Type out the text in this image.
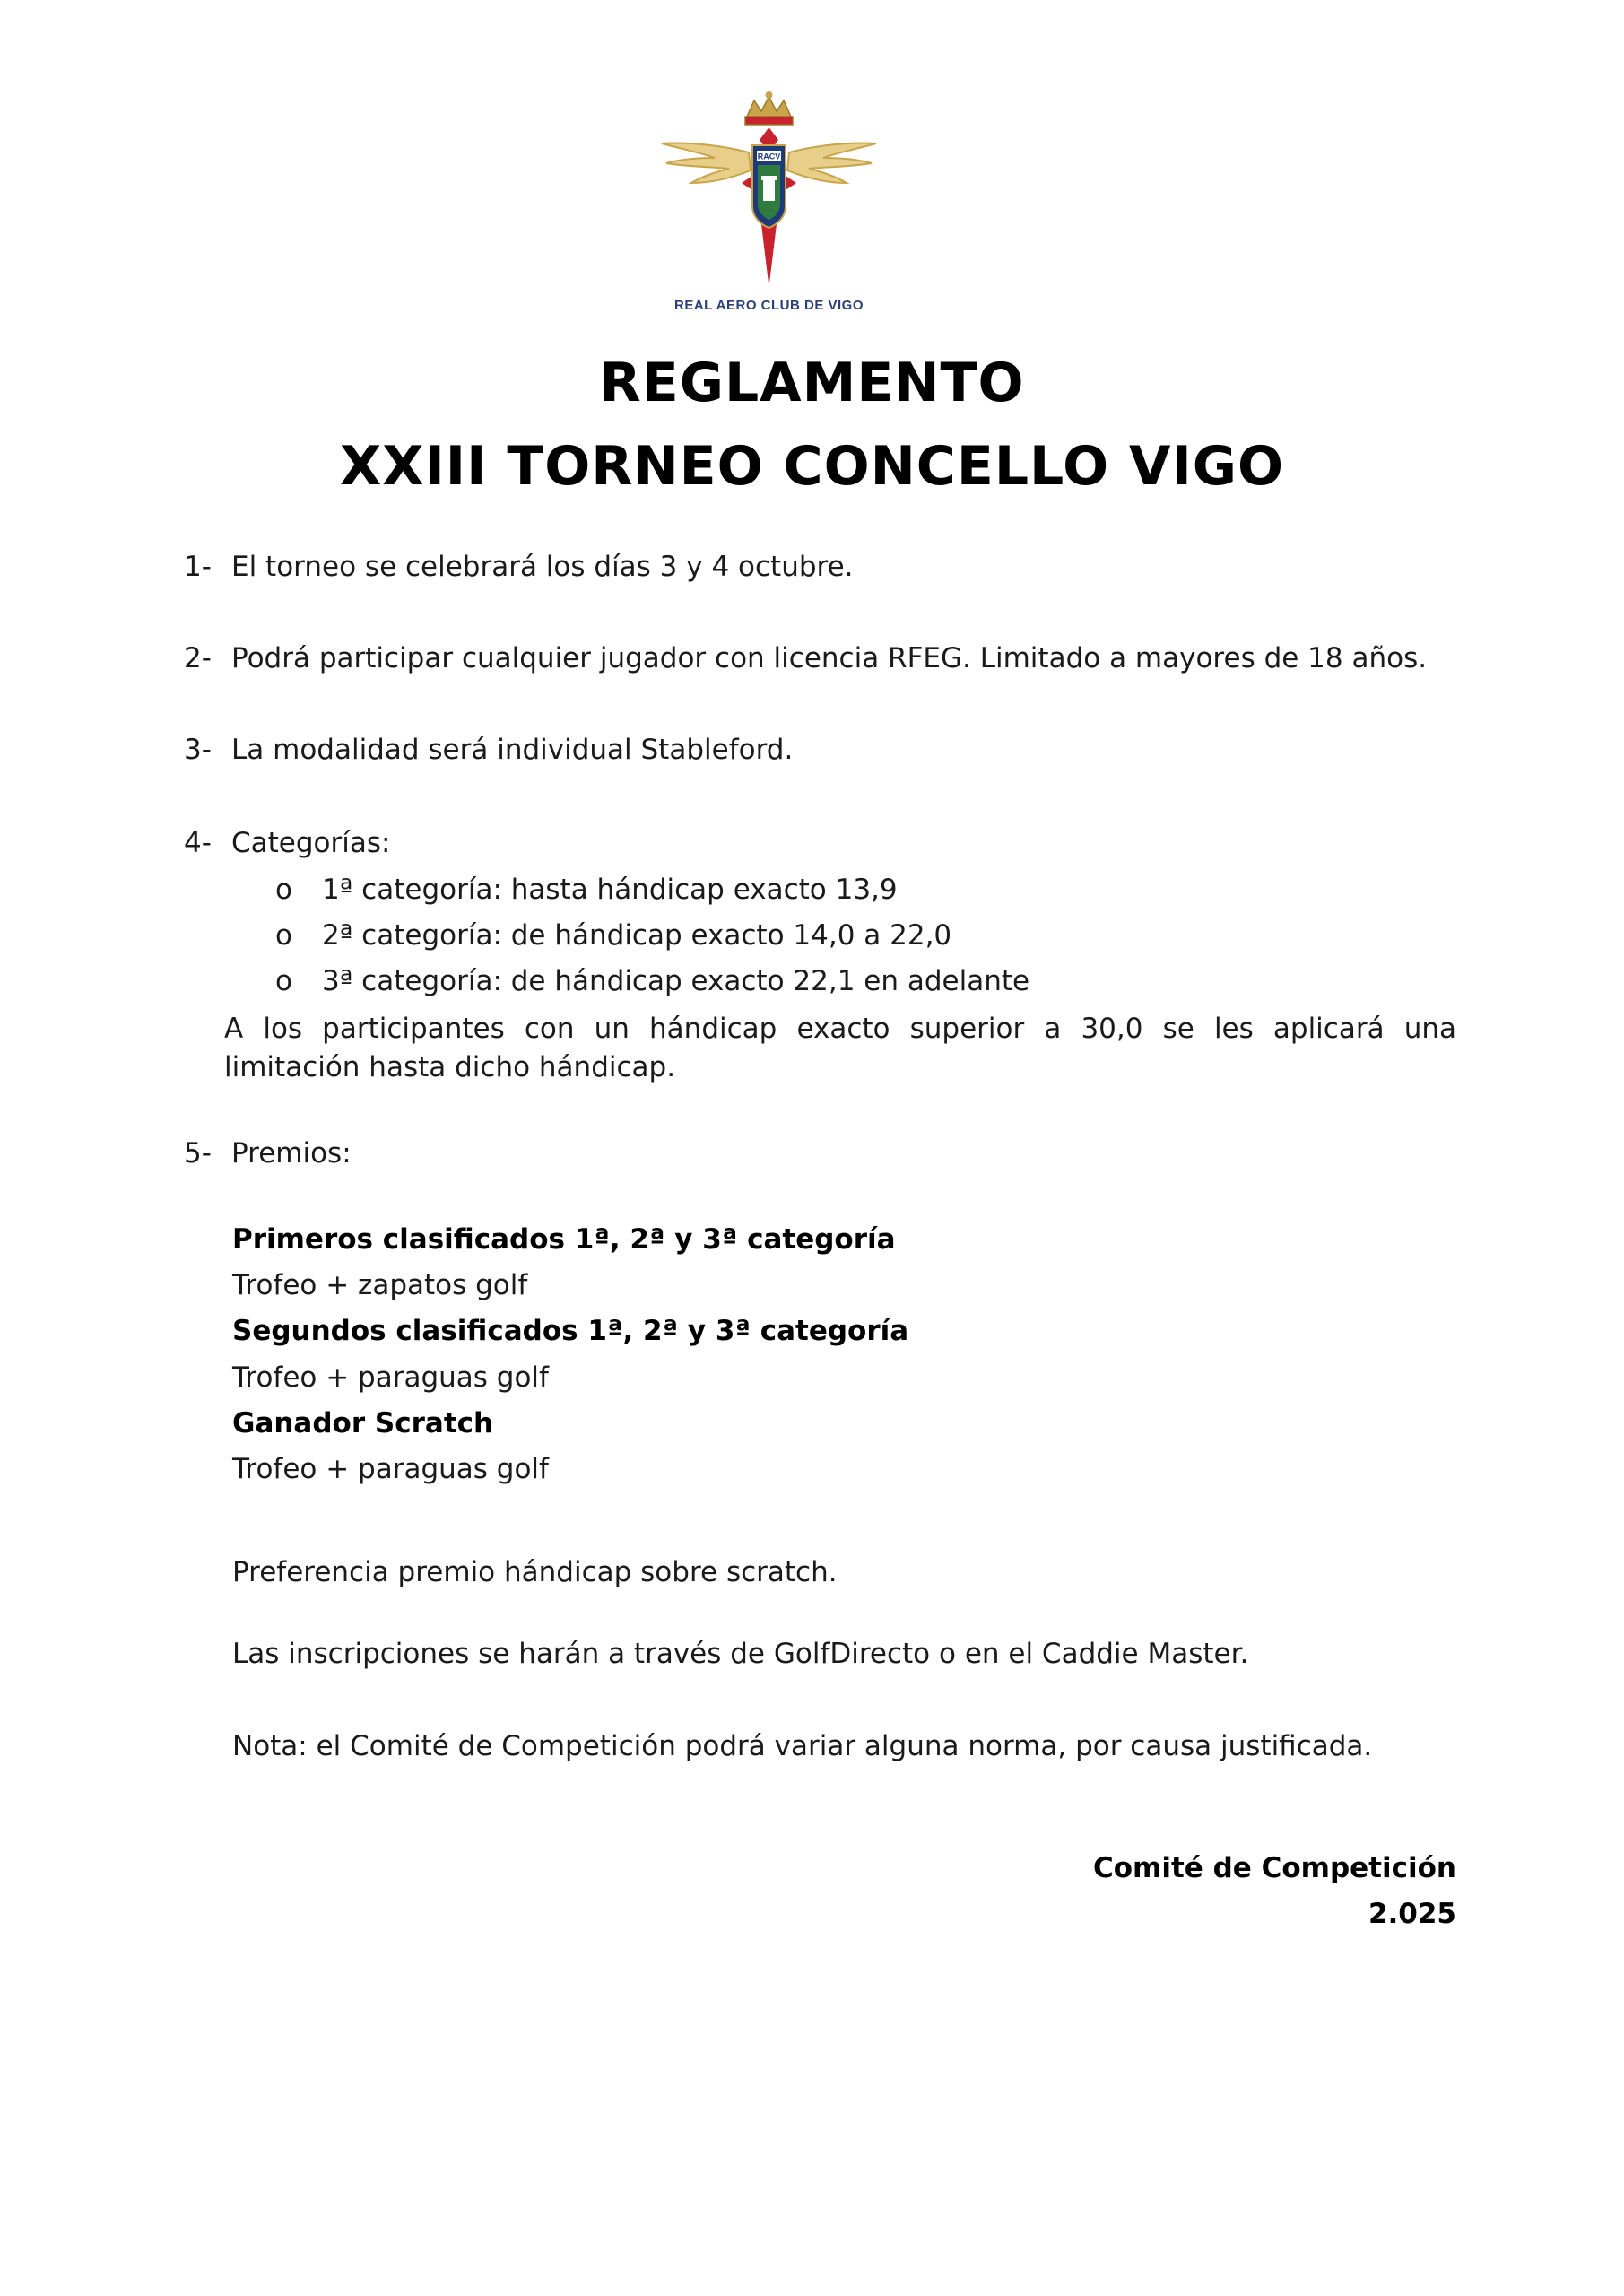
RACV
REAL AERO CLUB DE VIGO
REGLAMENTO
XXIII TORNEO CONCELLO VIGO
1- El torneo se celebrará los días 3 y 4 octubre.
2- Podrá participar cualquier jugador con licencia RFEG. Limitado a mayores de 18 años.
3- La modalidad será individual Stableford.
4- Categorías:
o 1ª categoría: hasta hándicap exacto 13,9
o 2ª categoría: de hándicap exacto 14,0 a 22,0
o 3ª categoría: de hándicap exacto 22,1 en adelante
A los participantes con un hándicap exacto superior a 30,0 se les aplicará una limitación hasta dicho hándicap.
5- Premios:
Primeros clasificados 1ª, 2ª y 3ª categoría
Trofeo + zapatos golf
Segundos clasificados 1ª, 2ª y 3ª categoría
Trofeo + paraguas golf
Ganador Scratch
Trofeo + paraguas golf
Preferencia premio hándicap sobre scratch.
Las inscripciones se harán a través de GolfDirecto o en el Caddie Master.
Nota: el Comité de Competición podrá variar alguna norma, por causa justificada.
Comité de Competición
2.025
